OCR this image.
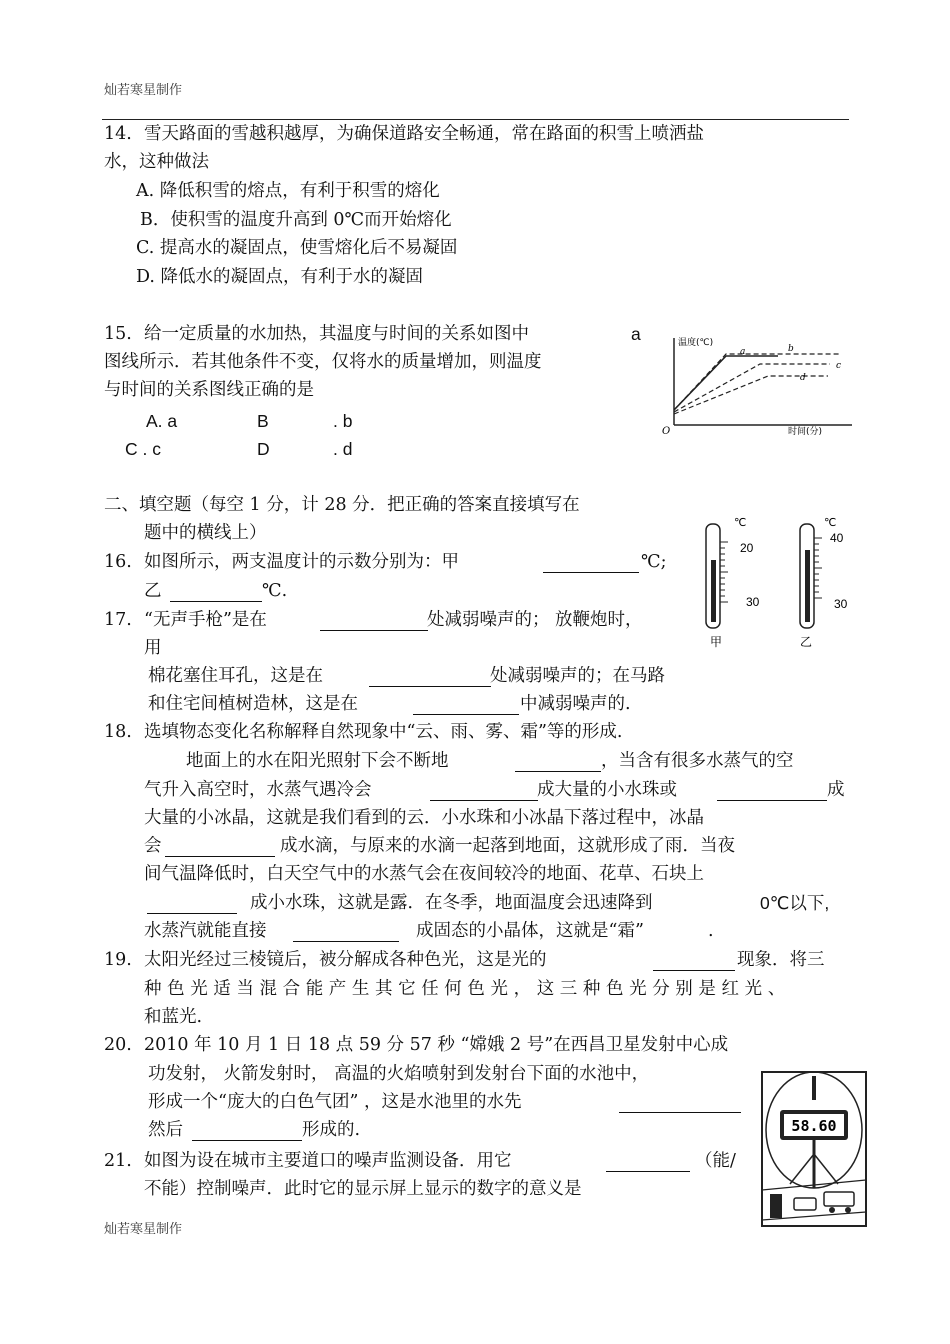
灿若寒星制作
14. 雪天路面的雪越积越厚，为确保道路安全畅通，常在路面的积雪上喷洒盐
水，这种做法
A. 降低积雪的熔点，有利于积雪的熔化
B．使积雪的温度升高到 0℃而开始熔化
C. 提高水的凝固点，使雪熔化后不易凝固
D. 降低水的凝固点，有利于水的凝固
15. 给一定质量的水加热，其温度与时间的关系如图中	a
图线所示．若其他条件不变，仅将水的质量增加，则温度
与时间的关系图线正确的是
A. a	B	. b
C . c	D	. d
温度(℃)
时间(分)
O
a	b
c
d
二、填空题（每空 1 分，计 28 分．把正确的答案直接填写在
题中的横线上）
16. 如图所示，两支温度计的示数分别为：甲	℃;
乙	℃.
℃
20
30
甲
℃
40
30
乙
17. “无声手枪”是在	处减弱噪声的； 放鞭炮时，
用
棉花塞住耳孔，这是在	处减弱噪声的；在马路
和住宅间植树造林，这是在	中减弱噪声的.
18. 选填物态变化名称解释自然现象中“云、雨、雾、霜”等的形成.
地面上的水在阳光照射下会不断地	，当含有很多水蒸气的空
气升入高空时，水蒸气遇冷会	成大量的小水珠或	成
大量的小冰晶，这就是我们看到的云．小水珠和小冰晶下落过程中，冰晶
会	成水滴，与原来的水滴一起落到地面，这就形成了雨．当夜
间气温降低时，白天空气中的水蒸气会在夜间较冷的地面、花草、石块上
成小水珠，这就是露．在冬季，地面温度会迅速降到	0℃以下,
水蒸汽就能直接	成固态的小晶体，这就是“霜”	.
19. 太阳光经过三棱镜后，被分解成各种色光，这是光的	现象．将三
种色光适当混合能产生其它任何色光，这三种色光分别是红光、
和蓝光.
20. 2010 年 10 月 1 日 18 点 59 分 57 秒 “嫦娥 2 号”在西昌卫星发射中心成
功发射， 火箭发射时， 高温的火焰喷射到发射台下面的水池中，
形成一个“庞大的白色气团” ，这是水池里的水先
然后	形成的.
21. 如图为设在城市主要道口的噪声监测设备．用它	（能/
不能）控制噪声．此时它的显示屏上显示的数字的意义是
58.60
灿若寒星制作
